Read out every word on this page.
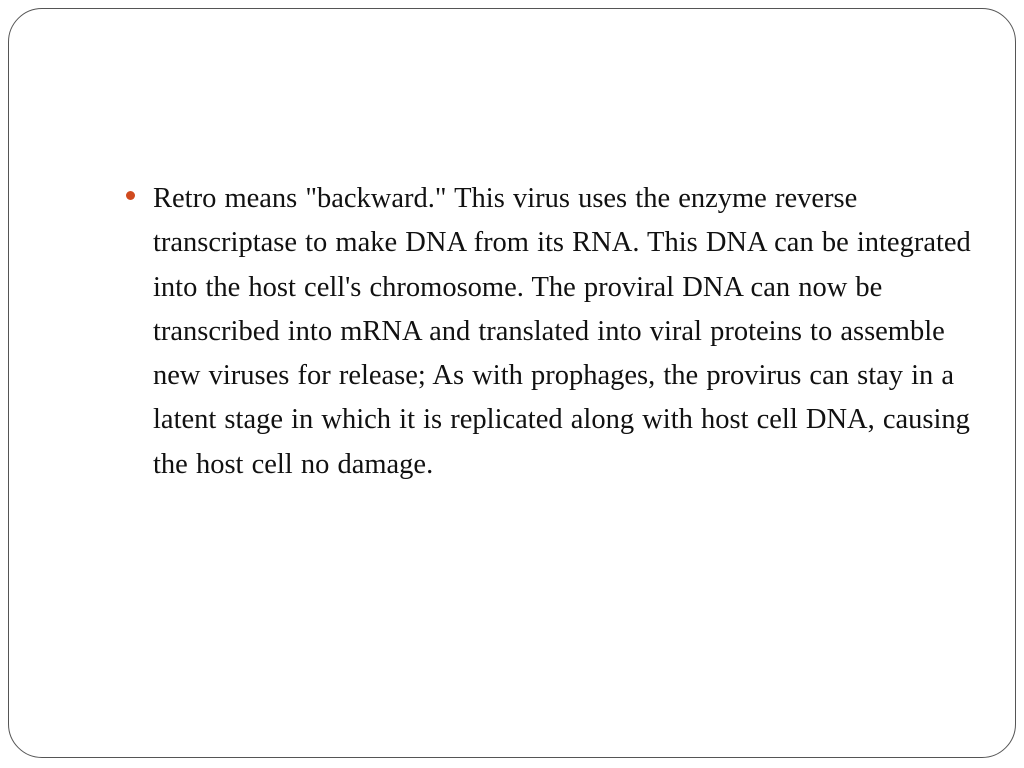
Retro means "backward." This virus uses the enzyme reverse transcriptase to make DNA from its RNA. This DNA can be integrated into the host cell's chromosome. The proviral DNA can now be transcribed into mRNA and translated into viral proteins to assemble new viruses for release; As with prophages, the provirus can stay in a latent stage in which it is replicated along with host cell DNA, causing the host cell no damage.
